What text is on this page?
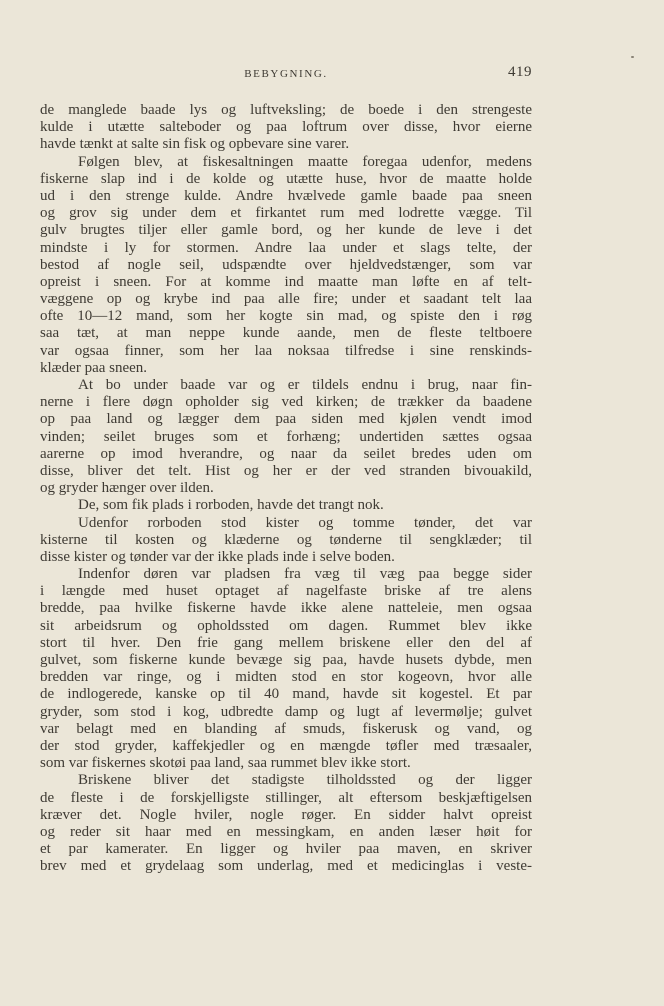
BEBYGNING.	419
de manglede baade lys og luftveksling; de boede i den strengeste
kulde i utætte salteboder og paa loftrum over disse, hvor eierne
havde tænkt at salte sin fisk og opbevare sine varer.
Følgen blev, at fiskesaltningen maatte foregaa udenfor, medens
fiskerne slap ind i de kolde og utætte huse, hvor de maatte holde
ud i den strenge kulde. Andre hvælvede gamle baade paa sneen
og grov sig under dem et firkantet rum med lodrette vægge. Til
gulv brugtes tiljer eller gamle bord, og her kunde de leve i det
mindste i ly for stormen. Andre laa under et slags telte, der
bestod af nogle seil, udspændte over hjeldvedstænger, som var
opreist i sneen. For at komme ind maatte man løfte en af telt-
væggene op og krybe ind paa alle fire; under et saadant telt laa
ofte 10—12 mand, som her kogte sin mad, og spiste den i røg
saa tæt, at man neppe kunde aande, men de fleste teltboere
var ogsaa finner, som her laa noksaa tilfredse i sine renskinds-
klæder paa sneen.
At bo under baade var og er tildels endnu i brug, naar fin-
nerne i flere døgn opholder sig ved kirken; de trækker da baadene
op paa land og lægger dem paa siden med kjølen vendt imod
vinden; seilet bruges som et forhæng; undertiden sættes ogsaa
aarerne op imod hverandre, og naar da seilet bredes uden om
disse, bliver det telt. Hist og her er der ved stranden bivouakild,
og gryder hænger over ilden.
De, som fik plads i rorboden, havde det trangt nok.
Udenfor rorboden stod kister og tomme tønder, det var
kisterne til kosten og klæderne og tønderne til sengklæder; til
disse kister og tønder var der ikke plads inde i selve boden.
Indenfor døren var pladsen fra væg til væg paa begge sider
i længde med huset optaget af nagelfaste briske af tre alens
bredde, paa hvilke fiskerne havde ikke alene natteleie, men ogsaa
sit arbeidsrum og opholdssted om dagen. Rummet blev ikke
stort til hver. Den frie gang mellem briskene eller den del af
gulvet, som fiskerne kunde bevæge sig paa, havde husets dybde, men
bredden var ringe, og i midten stod en stor kogeovn, hvor alle
de indlogerede, kanske op til 40 mand, havde sit kogestel. Et par
gryder, som stod i kog, udbredte damp og lugt af levermølje; gulvet
var belagt med en blanding af smuds, fiskerusk og vand, og
der stod gryder, kaffekjedler og en mængde tøfler med træsaaler,
som var fiskernes skotøi paa land, saa rummet blev ikke stort.
Briskene bliver det stadigste tilholdssted og der ligger
de fleste i de forskjelligste stillinger, alt eftersom beskjæftigelsen
kræver det. Nogle hviler, nogle røger. En sidder halvt opreist
og reder sit haar med en messingkam, en anden læser høit for
et par kamerater. En ligger og hviler paa maven, en skriver
brev med et grydelaag som underlag, med et medicinglas i veste-
